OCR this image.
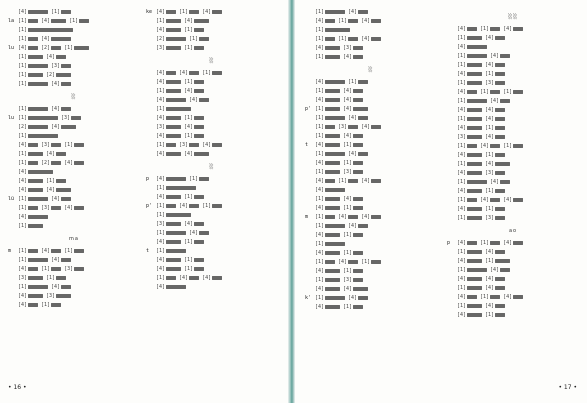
[4]	[1]
la [1]	[4]	[1]
[1]
[1]	[4]
lu [4]	[2]	[1]
[1]	[4]
[1]	[3]
[1]	[2]
[1]	[4]
░
[1]	[4]
lu [1]	[3]
[2]	[4]
[1]
[4]	[3]	[1]
[1]	[4]
[1]	[2]	[4]
[4]
[4]	[1]
[4]	[4]
lü [1]	[4]
[1]	[3]	[4]
[4]
[1]
ma
m	[1]	[4]	[1]
[1]	[4]
[4]	[1]	[3]
[3]	[1]
[1]	[4]
[4]	[3]
[4]	[1]
ke [4]	[1]	[4]
[1]	[4]
[4]	[1]
[2]	[1]
[3]	[1]
░
[4]	[4]	[1]
[4]	[1]
[1]	[4]
[4]	[4]
[1]
[4]	[1]
[3]	[4]
[4]	[1]
[1]	[3]	[4]
[4]	[4]
░
p	[4]	[1]
[1]
[4]	[1]
p' [1]	[4]	[1]
[1]
[3]	[4]
[1]	[4]
[4]	[1]
t	[1]
[4]	[1]
[4]	[1]
[1]	[4]	[4]
[4]
• 16 •
[1]	[4]
[4]	[1]	[4]
[1]
[1]	[1]	[4]
[4]	[3]
[1]	[4]
░
[4]	[1]
[1]	[4]
[4]	[4]
p' [1]	[4]
[1]	[4]
[1]	[3]	[4]
[1]	[4]
t	[4]	[1]
[1]	[4]
[4]	[1]
[1]	[3]
[4]	[1]	[4]
[4]
[1]	[4]
[4]	[1]
m	[1]	[4]	[4]
[1]	[4]
[4]	[1]
[1]
[4]	[1]
[1]	[4]	[1]
[4]	[1]
[1]	[3]
[4]	[4]
k' [1]	[4]
[4]	[1]
░░
[4]	[1]	[4]
[1]	[4]
[4]
[1]	[4]
[1]	[4]
[4]	[1]
[1]	[3]
[4]	[1]	[1]
[1]	[4]
[4]	[4]
[1]	[4]
[4]	[1]
[3]	[4]
[1]	[4]	[1]
[4]	[1]
[1]	[4]
[4]	[3]
[1]	[4]
[4]	[1]
[1]	[4]	[4]
[4]	[1]
[1]	[3]
ao
p	[4]	[1]	[4]
[1]	[4]
[4]	[1]
[1]	[4]
[4]	[4]
[1]	[4]
[4]	[1]	[4]
[1]	[4]
[4]	[1]
• 17 •
